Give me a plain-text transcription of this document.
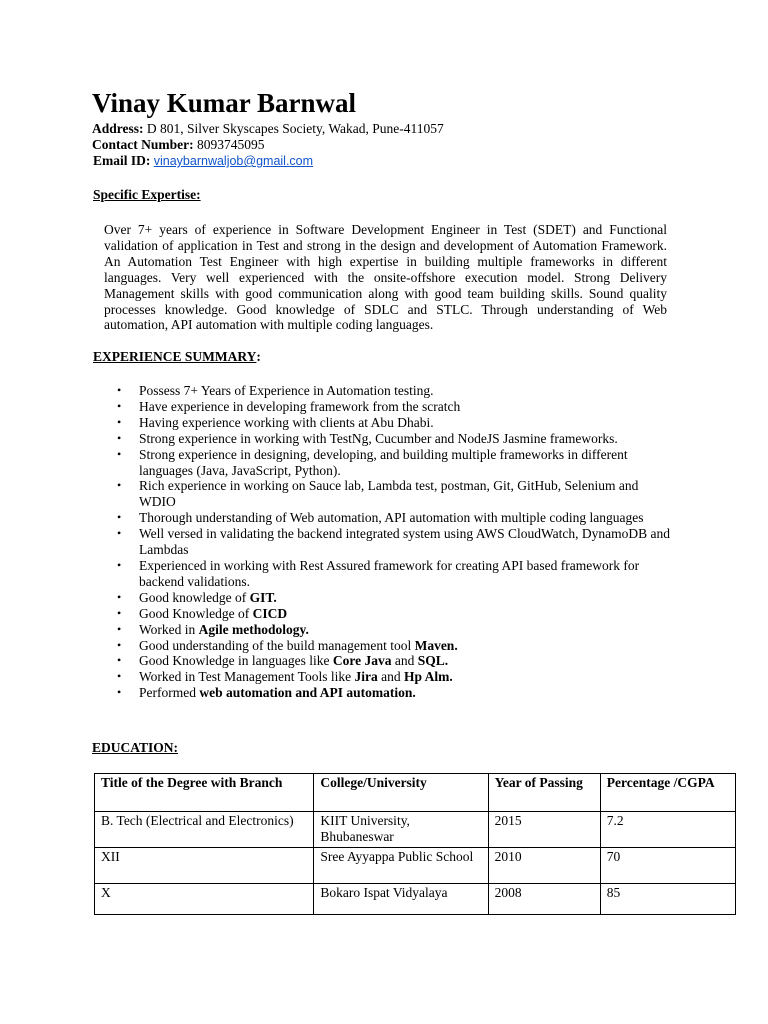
Vinay Kumar Barnwal
Address: D 801, Silver Skyscapes Society, Wakad, Pune-411057
Contact Number: 8093745095
Email ID: vinaybarnwaljob@gmail.com
Specific Expertise:
Over 7+ years of experience in Software Development Engineer in Test (SDET) and Functional validation of application in Test and strong in the design and development of Automation Framework. An Automation Test Engineer with high expertise in building multiple frameworks in different languages. Very well experienced with the onsite-offshore execution model. Strong Delivery Management skills with good communication along with good team building skills. Sound quality processes knowledge. Good knowledge of SDLC and STLC. Through understanding of Web automation, API automation with multiple coding languages.
EXPERIENCE SUMMARY:
• Possess 7+ Years of Experience in Automation testing.
• Have experience in developing framework from the scratch
• Having experience working with clients at Abu Dhabi.
• Strong experience in working with TestNg, Cucumber and NodeJS Jasmine frameworks.
• Strong experience in designing, developing, and building multiple frameworks in different languages (Java, JavaScript, Python).
• Rich experience in working on Sauce lab, Lambda test, postman, Git, GitHub, Selenium and WDIO
• Thorough understanding of Web automation, API automation with multiple coding languages
• Well versed in validating the backend integrated system using AWS CloudWatch, DynamoDB and Lambdas
• Experienced in working with Rest Assured framework for creating API based framework for backend validations.
• Good knowledge of GIT.
• Good Knowledge of CICD
• Worked in Agile methodology.
• Good understanding of the build management tool Maven.
• Good Knowledge in languages like Core Java and SQL.
• Worked in Test Management Tools like Jira and Hp Alm.
• Performed web automation and API automation.
EDUCATION:
Title of the Degree with Branch	College/University	Year of Passing	Percentage /CGPA
B. Tech (Electrical and Electronics)	KIIT University, Bhubaneswar	2015	7.2
XII	Sree Ayyappa Public School	2010	70
X	Bokaro Ispat Vidyalaya	2008	85
